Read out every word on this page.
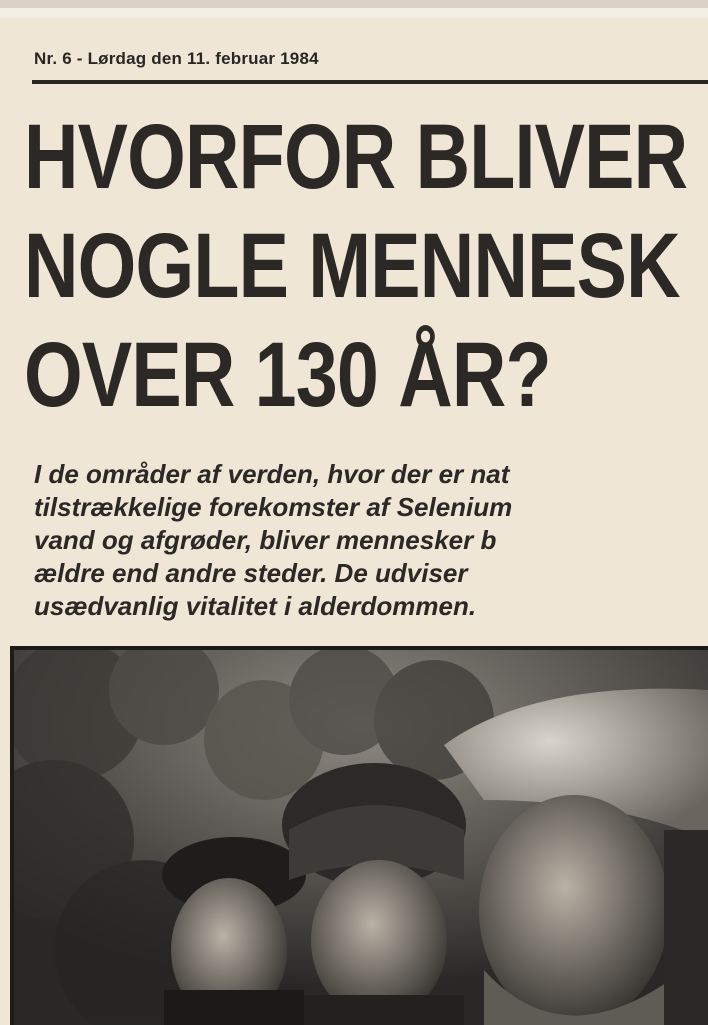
Nr. 6 - Lørdag den 11. februar 1984
HVORFOR BLIVER
NOGLE MENNESK
OVER 130 ÅR?

I de områder af verden, hvor der er nat
tilstrækkelige forekomster af Selenium
vand og afgrøder, bliver mennesker b
ældre end andre steder. De udviser
usædvanlig vitalitet i alderdommen.
